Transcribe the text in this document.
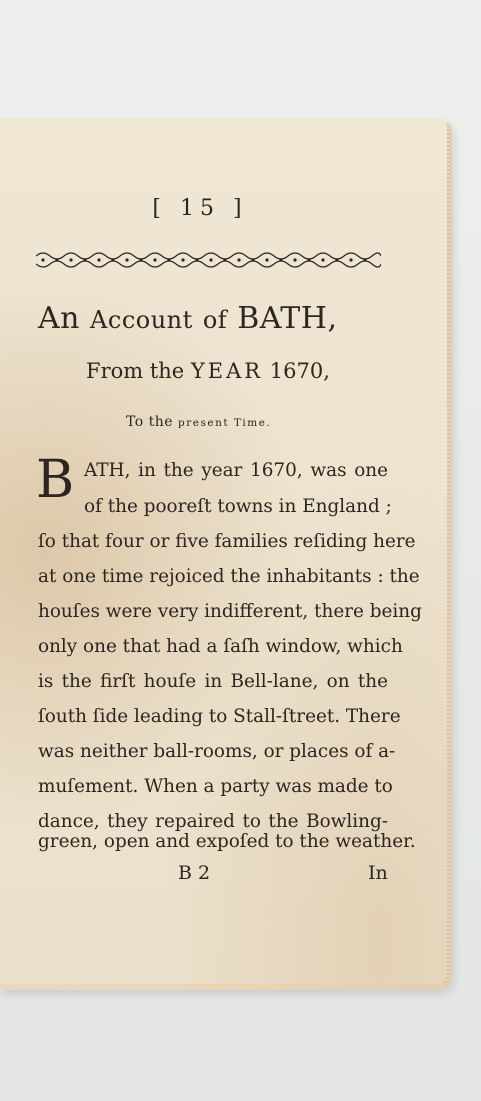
[ 15 ]
An Account of BATH,
From the YEAR 1670,
To the present Time.
B ATH, in the year 1670, was one
of the pooreſt towns in England ;
ſo that four or five families reſiding here
at one time rejoiced the inhabitants : the
houſes were very indifferent, there being
only one that had a ſaſh window, which
is the firſt houſe in Bell-lane, on the
ſouth ſide leading to Stall-ſtreet. There
was neither ball-rooms, or places of a-
muſement. When a party was made to
dance, they repaired to the Bowling-
green, open and expoſed to the weather.
B 2	In
